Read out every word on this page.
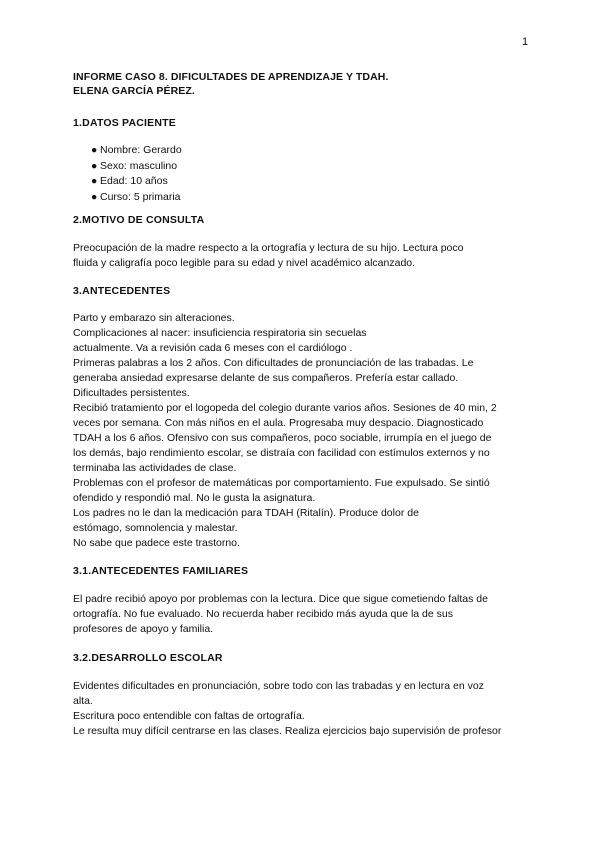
1
INFORME CASO 8. DIFICULTADES DE APRENDIZAJE Y TDAH.
ELENA GARCÍA PÉREZ.
1.DATOS PACIENTE
● Nombre: Gerardo
● Sexo: masculino
● Edad: 10 años
● Curso: 5 primaria
2.MOTIVO DE CONSULTA
Preocupación de la madre respecto a la ortografía y lectura de su hijo. Lectura poco
fluida y caligrafía poco legible para su edad y nivel académico alcanzado.
3.ANTECEDENTES
Parto y embarazo sin alteraciones.
Complicaciones al nacer: insuficiencia respiratoria sin secuelas
actualmente. Va a revisión cada 6 meses con el cardiólogo .
Primeras palabras a los 2 años. Con dificultades de pronunciación de las trabadas. Le
generaba ansiedad expresarse delante de sus compañeros. Prefería estar callado.
Dificultades persistentes.
Recibió tratamiento por el logopeda del colegio durante varios años. Sesiones de 40 min, 2
veces por semana. Con más niños en el aula. Progresaba muy despacio. Diagnosticado
TDAH a los 6 años. Ofensivo con sus compañeros, poco sociable, irrumpía en el juego de
los demás, bajo rendimiento escolar, se distraía con facilidad con estímulos externos y no
terminaba las actividades de clase.
Problemas con el profesor de matemáticas por comportamiento. Fue expulsado. Se sintió
ofendido y respondió mal. No le gusta la asignatura.
Los padres no le dan la medicación para TDAH (Ritalín). Produce dolor de
estómago, somnolencia y malestar.
No sabe que padece este trastorno.
3.1.ANTECEDENTES FAMILIARES
El padre recibió apoyo por problemas con la lectura. Dice que sigue cometiendo faltas de
ortografía. No fue evaluado. No recuerda haber recibido más ayuda que la de sus
profesores de apoyo y familia.
3.2.DESARROLLO ESCOLAR
Evidentes dificultades en pronunciación, sobre todo con las trabadas y en lectura en voz
alta.
Escritura poco entendible con faltas de ortografía.
Le resulta muy difícil centrarse en las clases. Realiza ejercicios bajo supervisión de profesor
